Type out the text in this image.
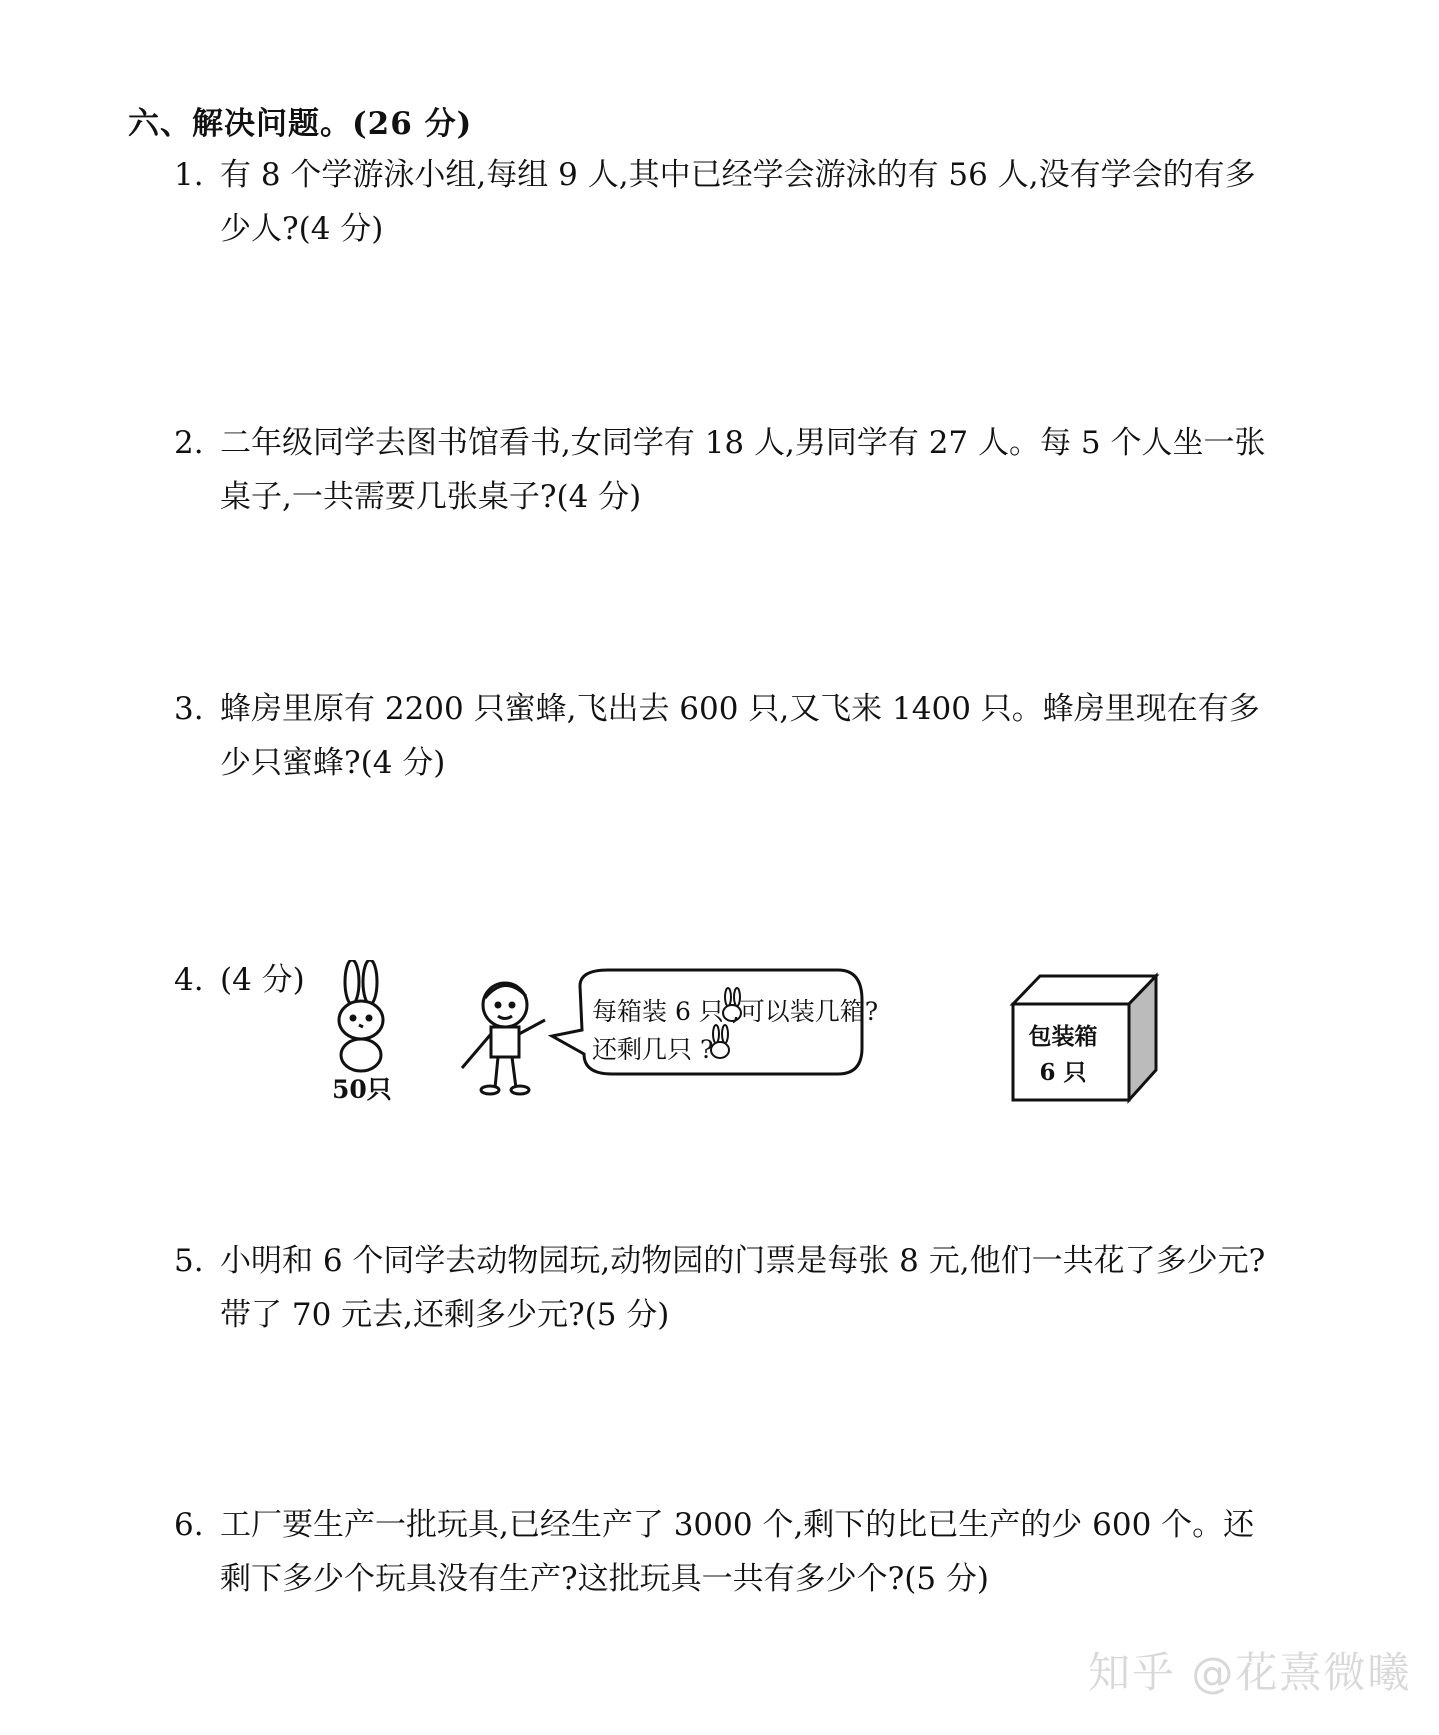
六、解决问题。(26 分)
1. 有 8 个学游泳小组,每组 9 人,其中已经学会游泳的有 56 人,没有学会的有多少人?(4 分)
2. 二年级同学去图书馆看书,女同学有 18 人,男同学有 27 人。每 5 个人坐一张桌子,一共需要几张桌子?(4 分)
3. 蜂房里原有 2200 只蜜蜂,飞出去 600 只,又飞来 1400 只。蜂房里现在有多少只蜜蜂?(4 分)
4. (4 分)
50只
每箱装 6 只 ,可以装几箱?
还剩几只 ?	包装箱
6 只
5. 小明和 6 个同学去动物园玩,动物园的门票是每张 8 元,他们一共花了多少元?带了 70 元去,还剩多少元?(5 分)
6. 工厂要生产一批玩具,已经生产了 3000 个,剩下的比已生产的少 600 个。还剩下多少个玩具没有生产?这批玩具一共有多少个?(5 分)
知乎 @花熹微曦
